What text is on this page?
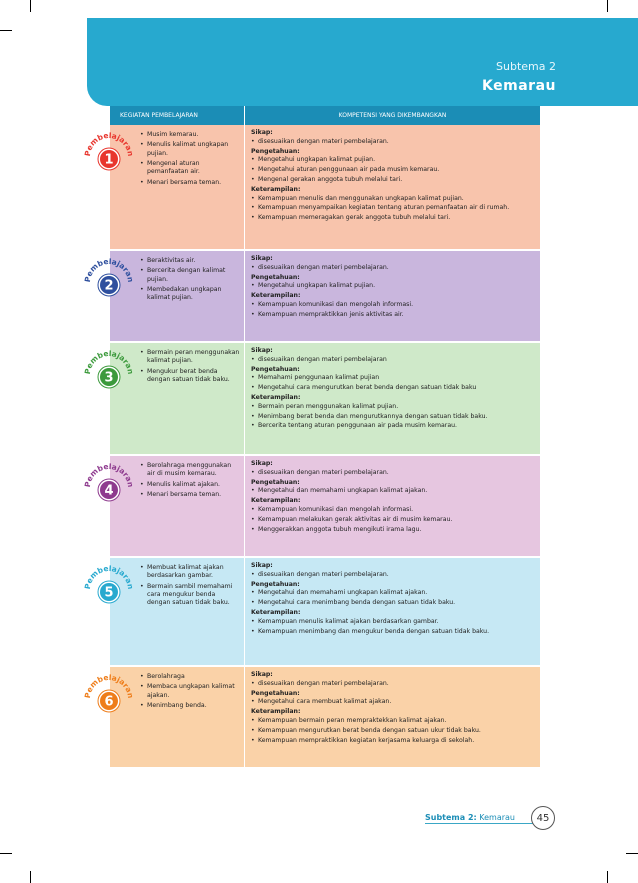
Subtema 2
Kemarau
KEGIATAN PEMBELAJARAN	KOMPETENSI YANG DIKEMBANGKAN
Pembelajaran
1
• Musim kemarau.
• Menulis kalimat ungkapan pujian.
• Mengenal aturan pemanfaatan air.
• Menari bersama teman.
Sikap:
• disesuaikan dengan materi pembelajaran.
Pengetahuan:
• Mengetahui ungkapan kalimat pujian.
• Mengetahui aturan penggunaan air pada musim kemarau.
• Mengenal gerakan anggota tubuh melalui tari.
Keterampilan:
• Kemampuan menulis dan menggunakan ungkapan kalimat pujian.
• Kemampuan menyampaikan kegiatan tentang aturan pemanfaatan air di rumah.
• Kemampuan memeragakan gerak anggota tubuh melalui tari.
Pembelajaran
2
• Beraktivitas air.
• Bercerita dengan kalimat pujian.
• Membedakan ungkapan kalimat pujian.
Sikap:
• disesuaikan dengan materi pembelajaran.
Pengetahuan:
• Mengetahui ungkapan kalimat pujian.
Keterampilan:
• Kemampuan komunikasi dan mengolah informasi.
• Kemampuan mempraktikkan jenis aktivitas air.
Pembelajaran
3
• Bermain peran menggunakan kalimat pujian.
• Mengukur berat benda dengan satuan tidak baku.
Sikap:
• disesuaikan dengan materi pembelajaran
Pengetahuan:
• Memahami penggunaan kalimat pujian
• Mengetahui cara mengurutkan berat benda dengan satuan tidak baku
Keterampilan:
• Bermain peran menggunakan kalimat pujian.
• Menimbang berat benda dan mengurutkannya dengan satuan tidak baku.
• Bercerita tentang aturan penggunaan air pada musim kemarau.
Pembelajaran
4
• Berolahraga menggunakan air di musim kemarau.
• Menulis kalimat ajakan.
• Menari bersama teman.
Sikap:
• disesuaikan dengan materi pembelajaran.
Pengetahuan:
• Mengetahui dan memahami ungkapan kalimat ajakan.
Keterampilan:
• Kemampuan komunikasi dan mengolah informasi.
• Kemampuan melakukan gerak aktivitas air di musim kemarau.
• Menggerakkan anggota tubuh mengikuti irama lagu.
Pembelajaran
5
• Membuat kalimat ajakan berdasarkan gambar.
• Bermain sambil memahami cara mengukur benda dengan satuan tidak baku.
Sikap:
• disesuaikan dengan materi pembelajaran.
Pengetahuan:
• Mengetahui dan memahami ungkapan kalimat ajakan.
• Mengetahui cara menimbang benda dengan satuan tidak baku.
Keterampilan:
• Kemampuan menulis kalimat ajakan berdasarkan gambar.
• Kemampuan menimbang dan mengukur benda dengan satuan tidak baku.
Pembelajaran
6
• Berolahraga
• Membaca ungkapan kalimat ajakan.
• Menimbang benda.
Sikap:
• disesuaikan dengan materi pembelajaran.
Pengetahuan:
• Mengetahui cara membuat kalimat ajakan.
Keterampilan:
• Kemampuan bermain peran mempraktekkan kalimat ajakan.
• Kemampuan mengurutkan berat benda dengan satuan ukur tidak baku.
• Kemampuan mempraktikkan kegiatan kerjasama keluarga di sekolah.
Subtema 2: Kemarau	45
